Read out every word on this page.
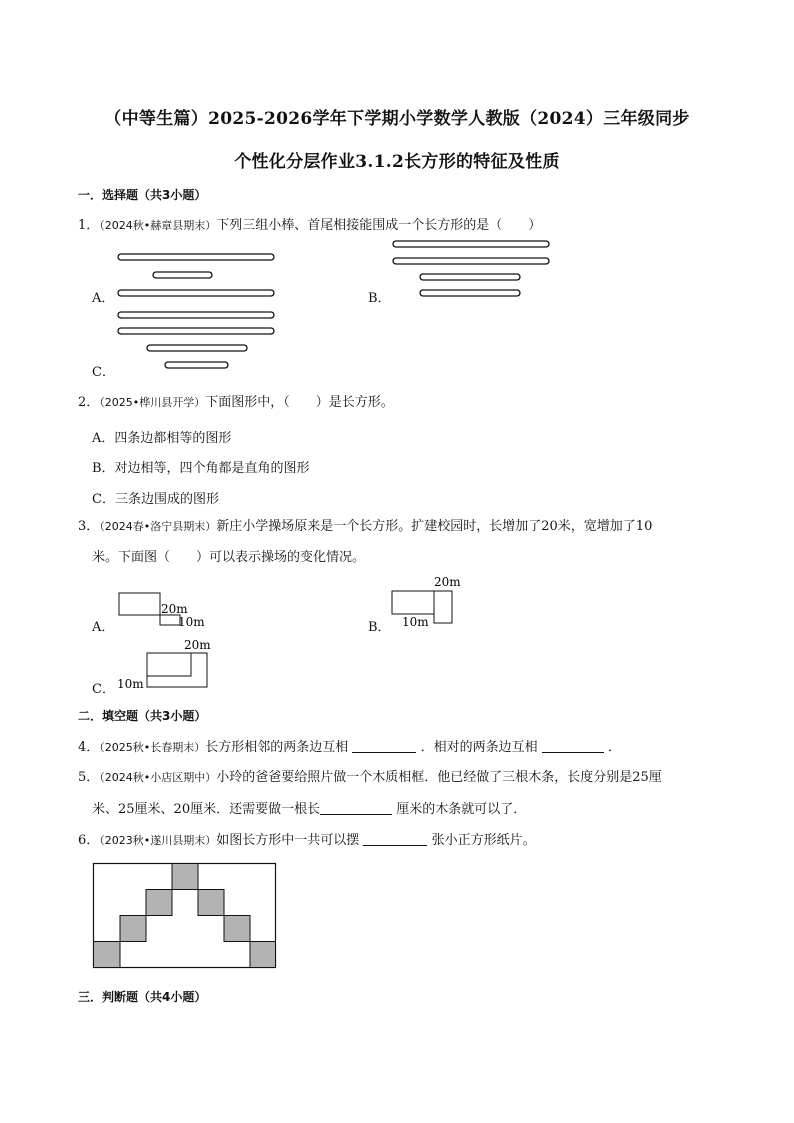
（中等生篇）2025-2026学年下学期小学数学人教版（2024）三年级同步
个性化分层作业3.1.2长方形的特征及性质
一．选择题（共3小题）
1．（2024秋•赫章县期末）下列三组小棒、首尾相接能围成一个长方形的是（　　）
A．	B．
C．
2．（2025•桦川县开学）下面图形中，（　　）是长方形。
A．四条边都相等的图形
B．对边相等，四个角都是直角的图形
C．三条边围成的图形
3．（2024春•洛宁县期末）新庄小学操场原来是一个长方形。扩建校园时，长增加了20米，宽增加了10
米。下面图（　　）可以表示操场的变化情况。
A．	B．
C．
20m
10m
20m
10m
20m
10m
二．填空题（共3小题）
4．（2025秋•长春期末）长方形相邻的两条边互相	．相对的两条边互相	．
5．（2024秋•小店区期中）小玲的爸爸要给照片做一个木质相框．他已经做了三根木条，长度分别是25厘
米、25厘米、20厘米．还需要做一根长	厘米的木条就可以了．
6．（2023秋•遂川县期末）如图长方形中一共可以摆	张小正方形纸片。
三．判断题（共4小题）
